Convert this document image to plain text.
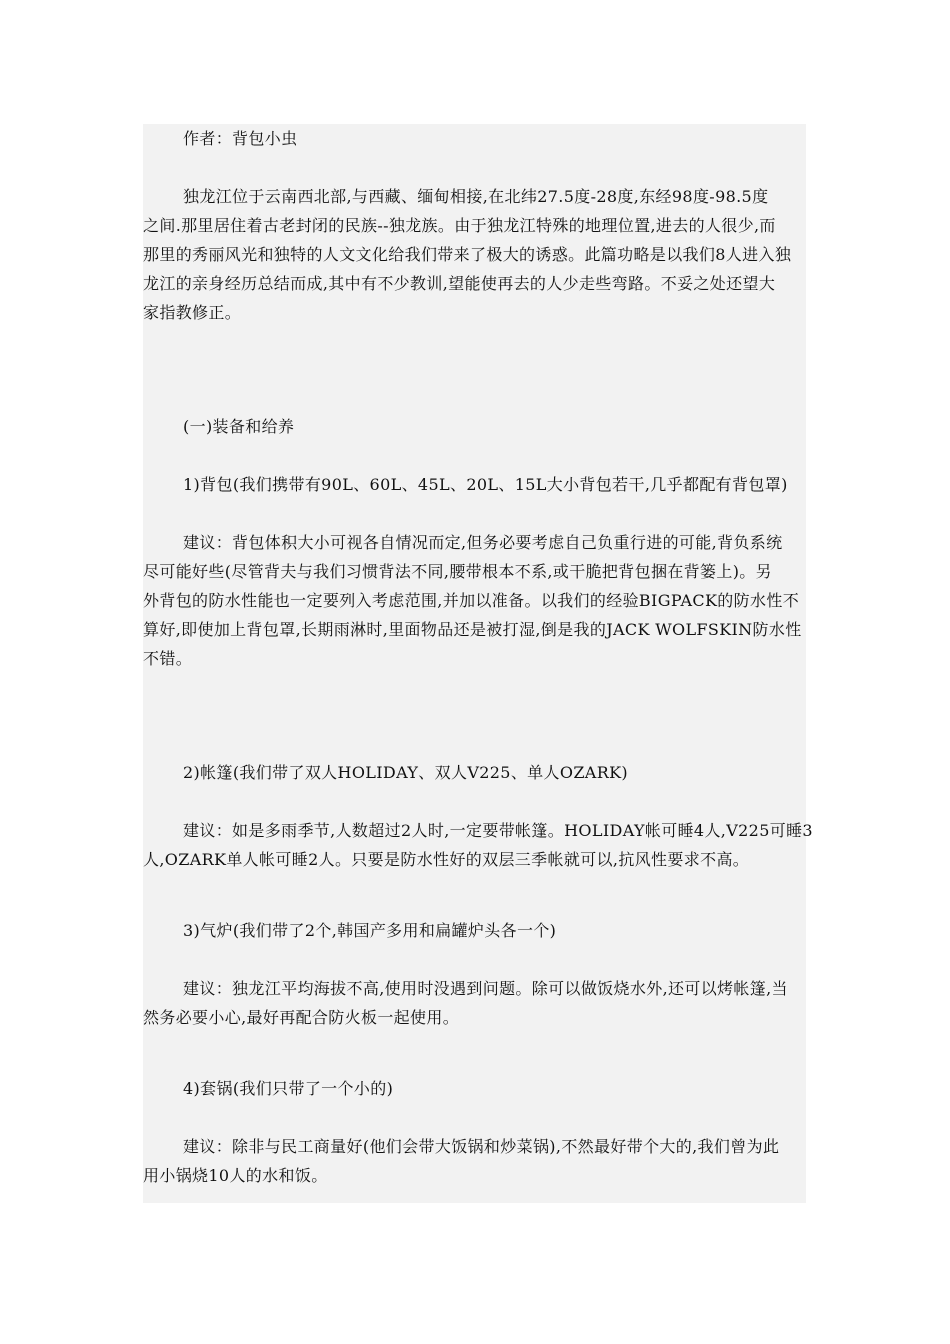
作者：背包小虫

独龙江位于云南西北部,与西藏、缅甸相接,在北纬27.5度-28度,东经98度-98.5度
之间.那里居住着古老封闭的民族--独龙族。由于独龙江特殊的地理位置,进去的人很少,而
那里的秀丽风光和独特的人文文化给我们带来了极大的诱惑。此篇功略是以我们8人进入独
龙江的亲身经历总结而成,其中有不少教训,望能使再去的人少走些弯路。不妥之处还望大
家指教修正。

(一)装备和给养

1)背包(我们携带有90L、60L、45L、20L、15L大小背包若干,几乎都配有背包罩)

建议：背包体积大小可视各自情况而定,但务必要考虑自己负重行进的可能,背负系统
尽可能好些(尽管背夫与我们习惯背法不同,腰带根本不系,或干脆把背包捆在背篓上)。另
外背包的防水性能也一定要列入考虑范围,并加以准备。以我们的经验BIGPACK的防水性不
算好,即使加上背包罩,长期雨淋时,里面物品还是被打湿,倒是我的JACK WOLFSKIN防水性
不错。

2)帐篷(我们带了双人HOLIDAY、双人V225、单人OZARK)

建议：如是多雨季节,人数超过2人时,一定要带帐篷。HOLIDAY帐可睡4人,V225可睡3
人,OZARK单人帐可睡2人。只要是防水性好的双层三季帐就可以,抗风性要求不高。

3)气炉(我们带了2个,韩国产多用和扁罐炉头各一个)

建议：独龙江平均海拔不高,使用时没遇到问题。除可以做饭烧水外,还可以烤帐篷,当
然务必要小心,最好再配合防火板一起使用。

4)套锅(我们只带了一个小的)

建议：除非与民工商量好(他们会带大饭锅和炒菜锅),不然最好带个大的,我们曾为此
用小锅烧10人的水和饭。
